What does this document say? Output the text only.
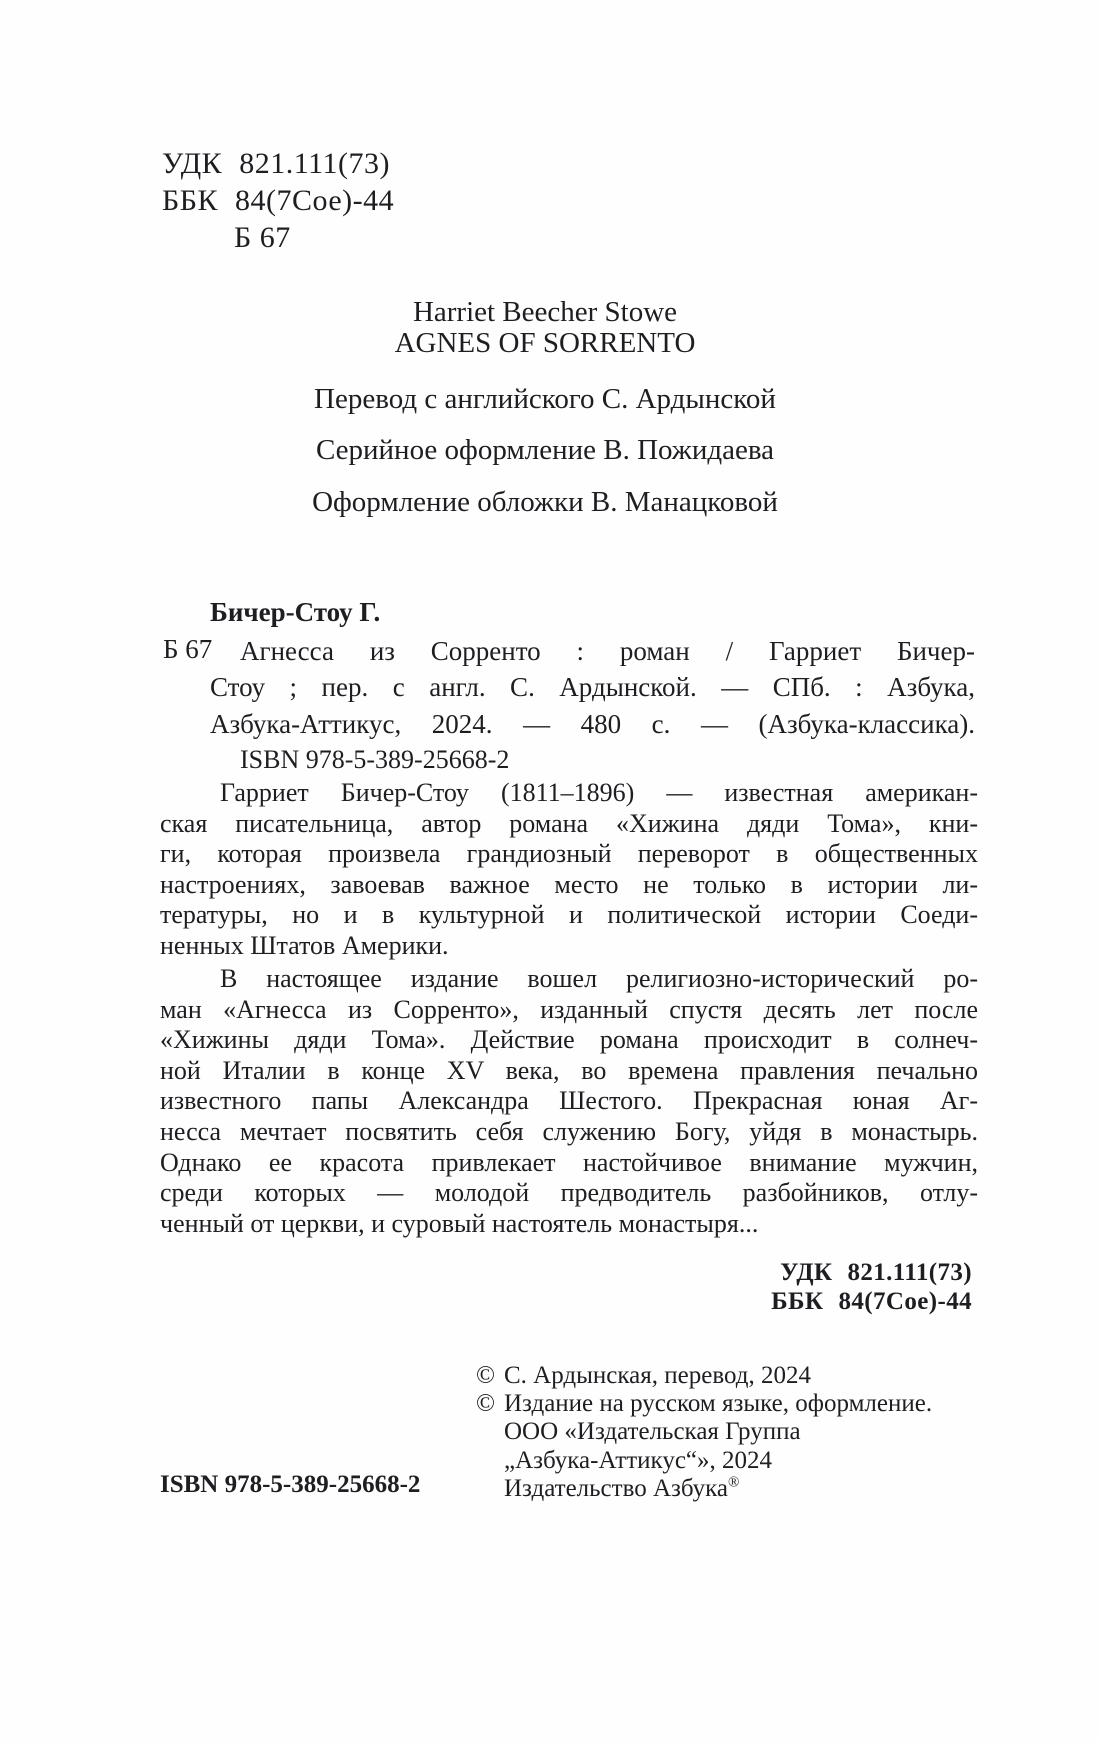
УДК 821.111(73)
ББК 84(7Сое)-44
Б 67
Harriet Beecher Stowe
AGNES OF SORRENTO
Перевод с английского С. Ардынской
Серийное оформление В. Пожидаева
Оформление обложки В. Манацковой
Бичер-Стоу Г.
Б 67	Агнесса из Сорренто : роман / Гарриет Бичер-
Стоу ; пер. с англ. С. Ардынской. — СПб. : Азбука,
Азбука-Аттикус, 2024. — 480 с. — (Азбука-классика).
ISBN 978-5-389-25668-2
Гарриет Бичер-Стоу (1811–1896) — известная американ-
ская писательница, автор романа «Хижина дяди Тома», кни-
ги, которая произвела грандиозный переворот в общественных
настроениях, завоевав важное место не только в истории ли-
тературы, но и в культурной и политической истории Соеди-
ненных Штатов Америки.
В настоящее издание вошел религиозно-исторический ро-
ман «Агнесса из Сорренто», изданный спустя десять лет после
«Хижины дяди Тома». Действие романа происходит в солнеч-
ной Италии в конце XV века, во времена правления печально
известного папы Александра Шестого. Прекрасная юная Аг-
несса мечтает посвятить себя служению Богу, уйдя в монастырь.
Однако ее красота привлекает настойчивое внимание мужчин,
среди которых — молодой предводитель разбойников, отлу-
ченный от церкви, и суровый настоятель монастыря...
УДК 821.111(73)
ББК 84(7Сое)-44
© С. Ардынская, перевод, 2024
© Издание на русском языке, оформление.
ООО «Издательская Группа
„Азбука-Аттикус“», 2024
Издательство Азбука®
ISBN 978-5-389-25668-2
